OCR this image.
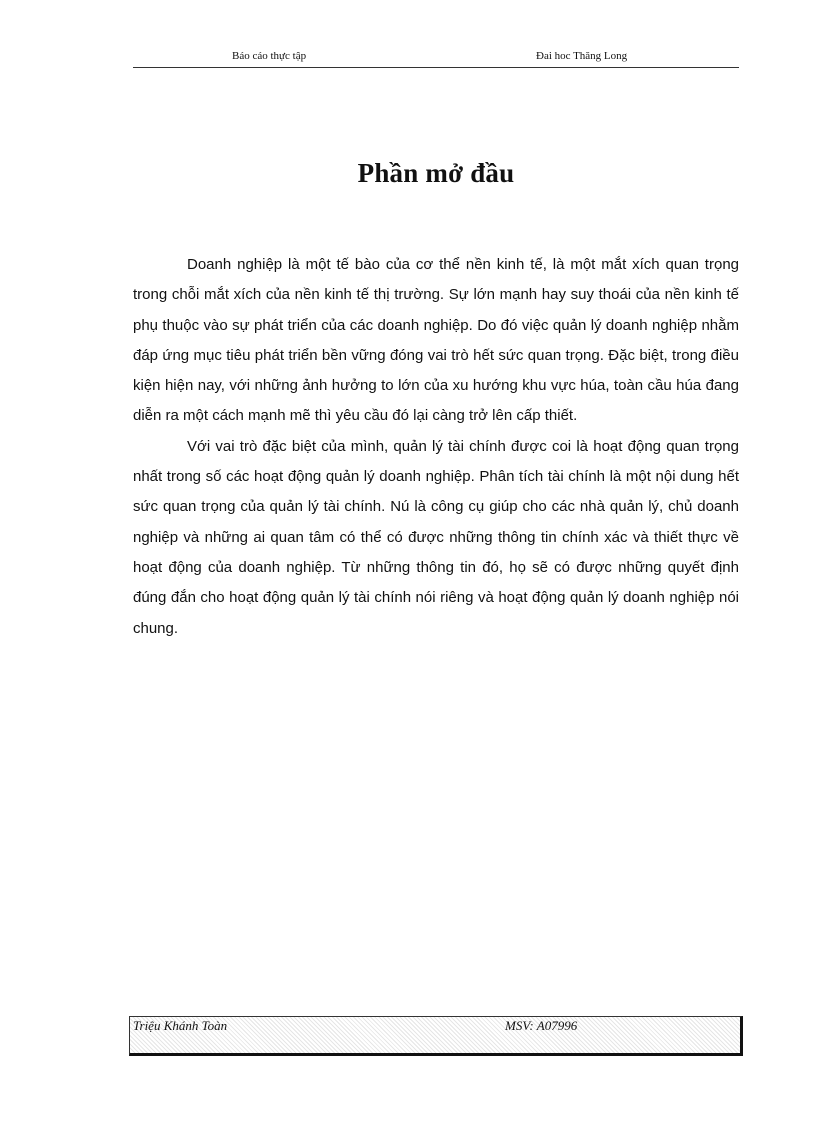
Báo cáo thực tập	Đai hoc Thăng Long
Phần mở đầu

Doanh nghiệp là một tế bào của cơ thể nền kinh tế, là một mắt xích quan trọng trong chỗi mắt xích của nền kinh tế thị trường. Sự lớn mạnh hay suy thoái của nền kinh tế phụ thuộc vào sự phát triển của các doanh nghiệp. Do đó việc quản lý doanh nghiệp nhằm đáp ứng mục tiêu phát triển bền vững đóng vai trò hết sức quan trọng. Đặc biệt, trong điều kiện hiện nay, với những ảnh hưởng to lớn của xu hướng khu vực húa, toàn cầu húa đang diễn ra một cách mạnh mẽ thì yêu cầu đó lại càng trở lên cấp thiết.

Với vai trò đặc biệt của mình, quản lý tài chính được coi là hoạt động quan trọng nhất trong số các hoạt động quản lý doanh nghiệp. Phân tích tài chính là một nội dung hết sức quan trọng của quản lý tài chính. Nú là công cụ giúp cho các nhà quản lý, chủ doanh nghiệp và những ai quan tâm có thể có được những thông tin chính xác và thiết thực về hoạt động của doanh nghiệp. Từ những thông tin đó, họ sẽ có được những quyết định đúng đắn cho hoạt động quản lý tài chính nói riêng và hoạt động quản lý doanh nghiệp nói chung.

Triệu Khánh Toàn	MSV: A07996
